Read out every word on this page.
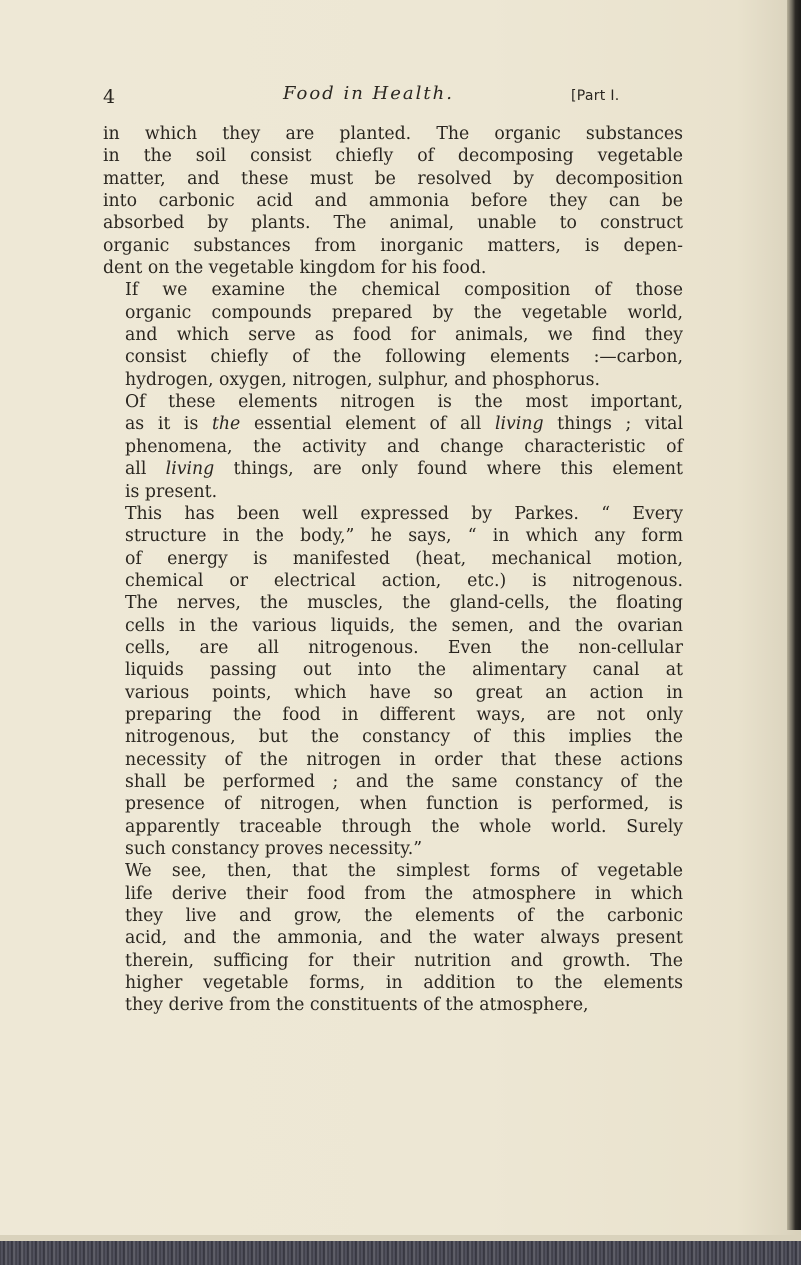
4	Food in Health.	[Part I.

in which they are planted. The organic substances
in the soil consist chiefly of decomposing vegetable
matter, and these must be resolved by decomposition
into carbonic acid and ammonia before they can be
absorbed by plants. The animal, unable to construct
organic substances from inorganic matters, is depen-
dent on the vegetable kingdom for his food.

If we examine the chemical composition of those
organic compounds prepared by the vegetable world,
and which serve as food for animals, we find they
consist chiefly of the following elements :—carbon,
hydrogen, oxygen, nitrogen, sulphur, and phosphorus.

Of these elements nitrogen is the most important,
as it is the essential element of all living things ; vital
phenomena, the activity and change characteristic of
all living things, are only found where this element
is present.

This has been well expressed by Parkes. “ Every
structure in the body,” he says, “ in which any form
of energy is manifested (heat, mechanical motion,
chemical or electrical action, etc.) is nitrogenous.
The nerves, the muscles, the gland-cells, the floating
cells in the various liquids, the semen, and the ovarian
cells, are all nitrogenous. Even the non-cellular
liquids passing out into the alimentary canal at
various points, which have so great an action in
preparing the food in different ways, are not only
nitrogenous, but the constancy of this implies the
necessity of the nitrogen in order that these actions
shall be performed ; and the same constancy of the
presence of nitrogen, when function is performed, is
apparently traceable through the whole world. Surely
such constancy proves necessity.”

We see, then, that the simplest forms of vegetable
life derive their food from the atmosphere in which
they live and grow, the elements of the carbonic
acid, and the ammonia, and the water always present
therein, sufficing for their nutrition and growth. The
higher vegetable forms, in addition to the elements
they derive from the constituents of the atmosphere,
